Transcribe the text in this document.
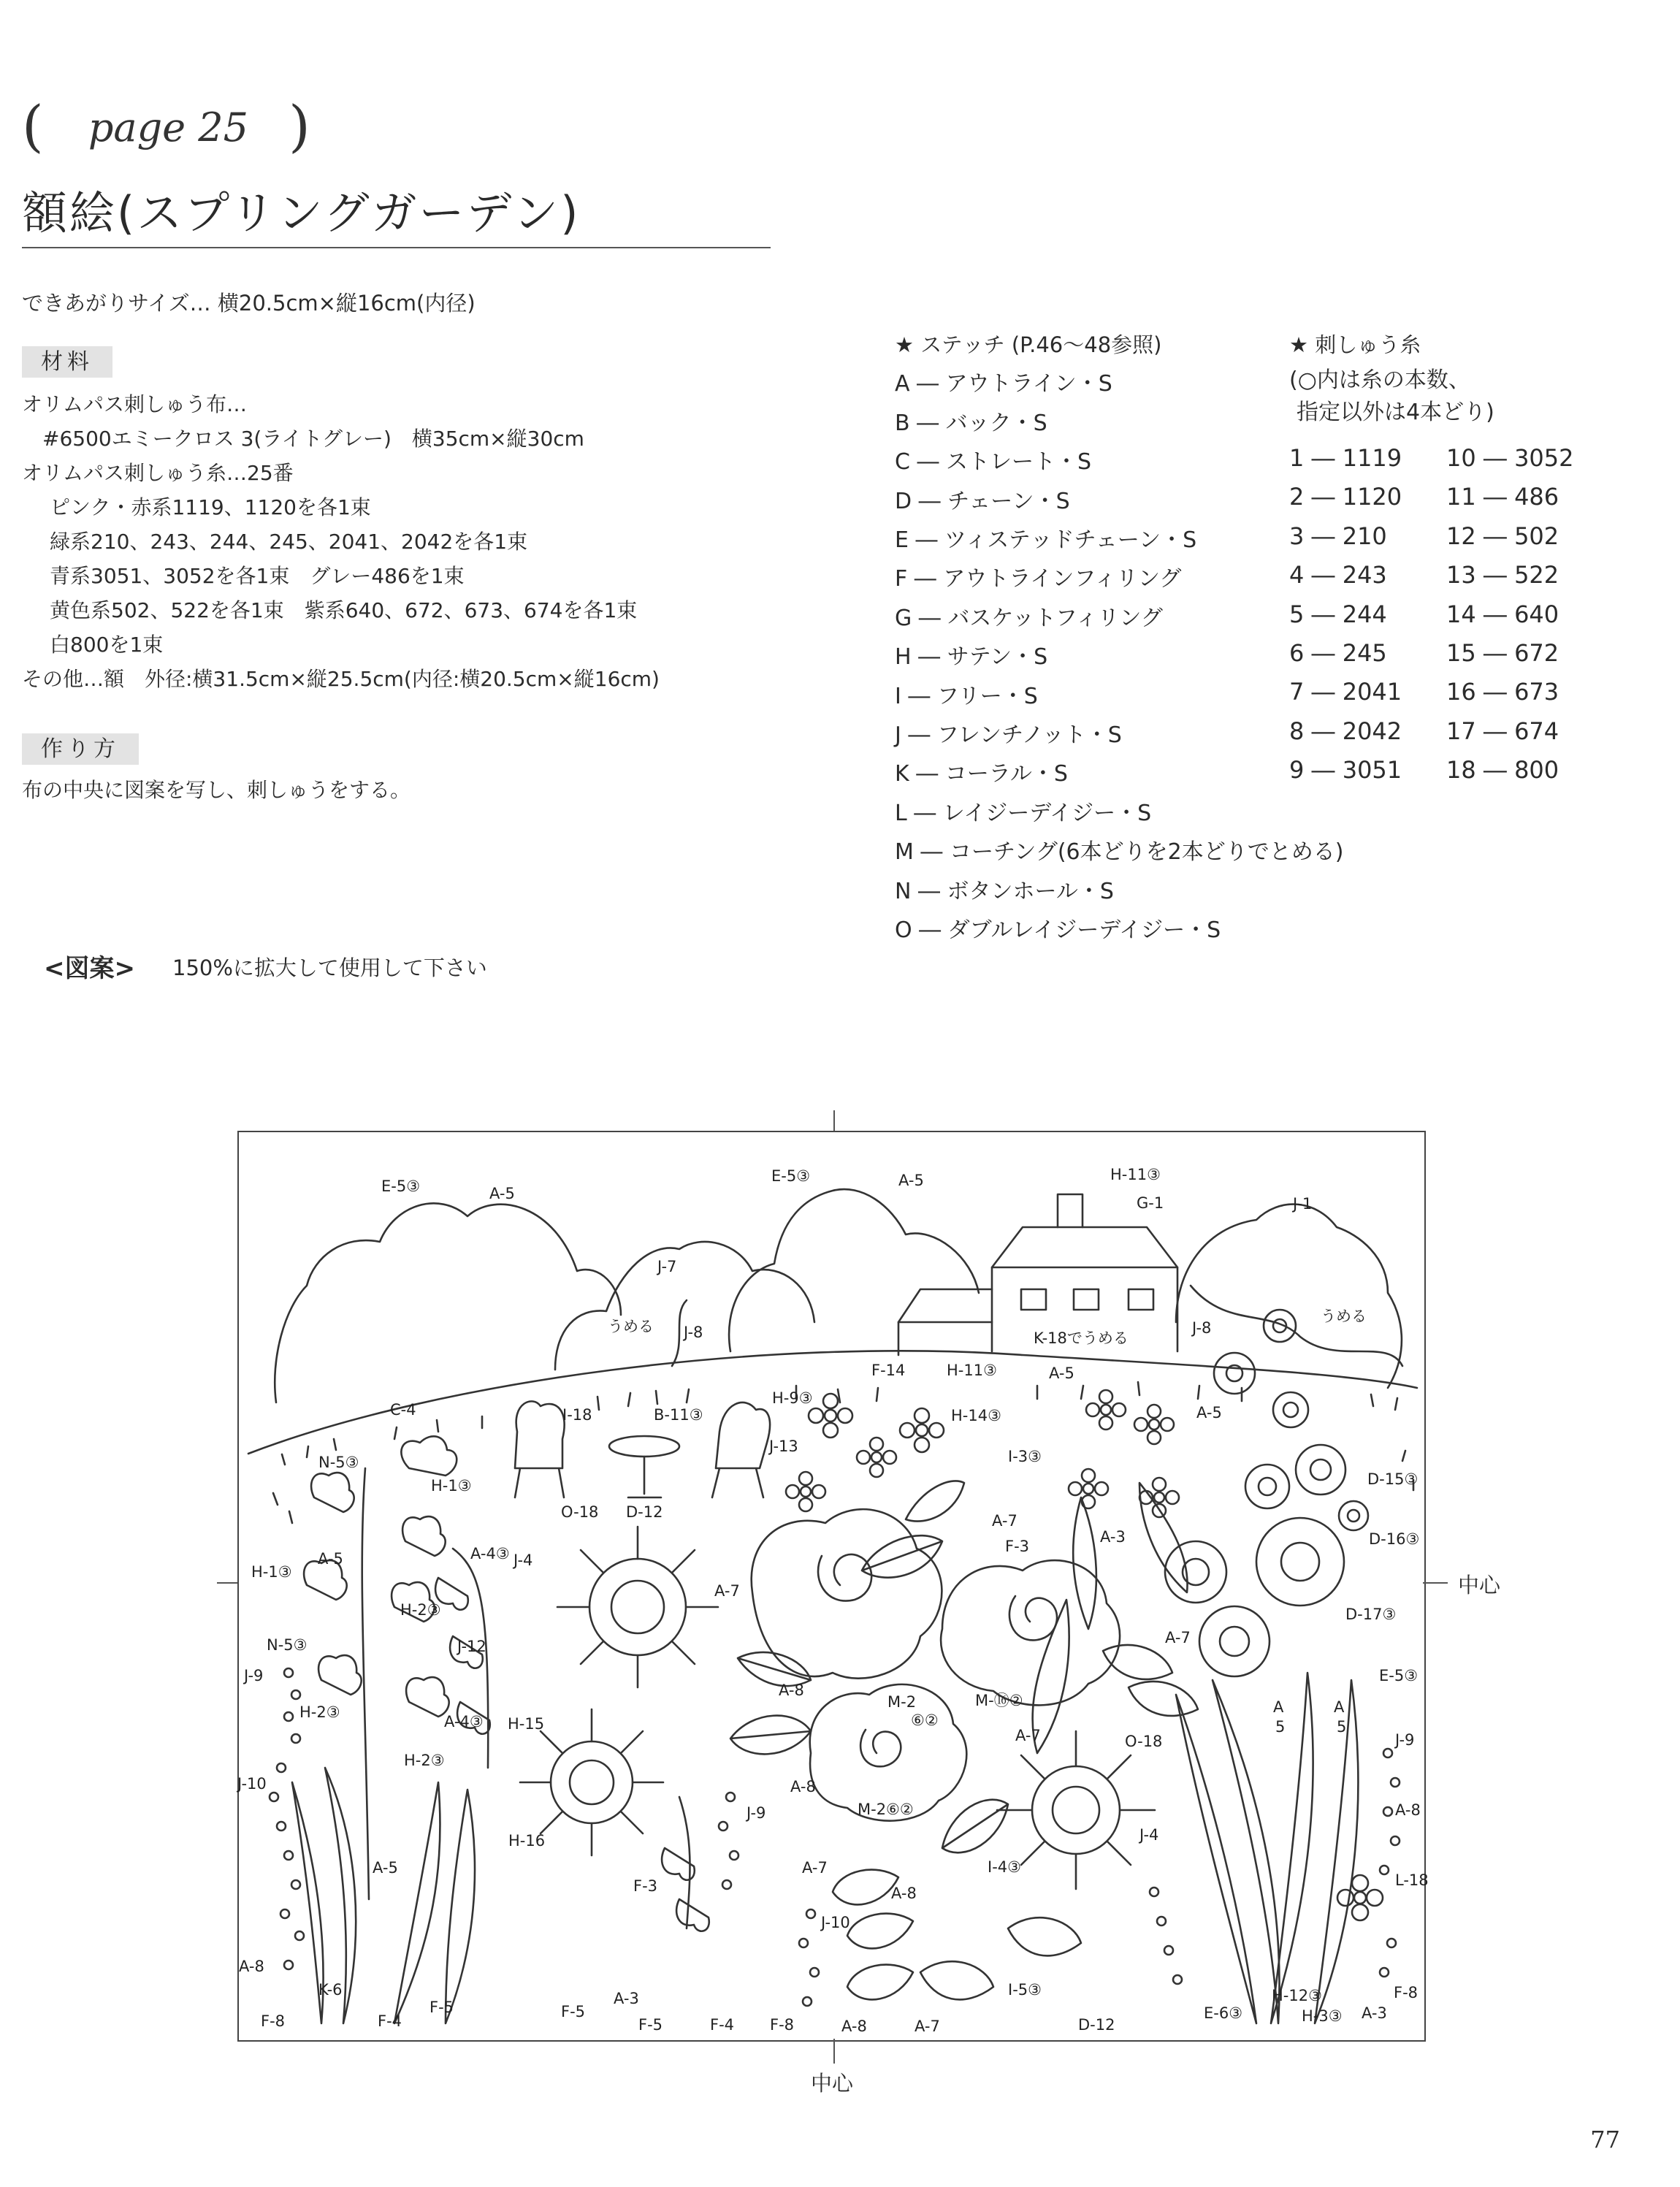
( page 25 )
額絵(スプリングガーデン)
できあがりサイズ… 横20.5cm×縦16cm(内径)
材料
オリムパス刺しゅう布…
#6500エミークロス 3(ライトグレー)　横35cm×縦30cm
オリムパス刺しゅう糸…25番
ピンク・赤系1119、1120を各1束
緑系210、243、244、245、2041、2042を各1束
青系3051、3052を各1束　グレー486を1束
黄色系502、522を各1束　紫系640、672、673、674を各1束
白800を1束
その他…額　外径:横31.5cm×縦25.5cm(内径:横20.5cm×縦16cm)
作り方
布の中央に図案を写し、刺しゅうをする。
★ ステッチ (P.46〜48参照)
A ― アウトライン・S
B ― バック・S
C ― ストレート・S
D ― チェーン・S
E ― ツィステッドチェーン・S
F ― アウトラインフィリング
G ― バスケットフィリング
H ― サテン・S
I ― フリー・S
J ― フレンチノット・S
K ― コーラル・S
L ― レイジーデイジー・S
M ― コーチング(6本どりを2本どりでとめる)
N ― ボタンホール・S
O ― ダブルレイジーデイジー・S
★ 刺しゅう糸
(○内は糸の本数、
指定以外は4本どり)
1 ― 1119	10 ― 3052
2 ― 1120	11 ― 486
3 ― 210	12 ― 502
4 ― 243	13 ― 522
5 ― 244	14 ― 640
6 ― 245	15 ― 672
7 ― 2041	16 ― 673
8 ― 2042	17 ― 674
9 ― 3051	18 ― 800
<図案> 150%に拡大して使用して下さい
中心
中心
E-5③	A-5
E-5③	A-5	H-11③
G-1	J-1
J-7
うめる J-8	K-18でうめる
J-8
うめる
F-14	H-11③	A-5
C-4	I-18	B-11③
H-9③
H-14③	A-5
J-13
I-3③
D-15③
N-5③
H-1③
O-18 D-12	A-7
F-3
A-3	D-16③
H-1③
A-5	A-4③ J-4
A-7
H-2③
J-12	A-7
D-17③
N-5③
J-9
A-8
M-2
⑥②
M-⑯②
E-5③
H-2③
A-4③ H-15
A-7	O-18
A
5
A
5
J-9
H-2③
J-10	A-8
A-8
J-9	M-2⑥②
H-16
A-5
F-3
A-7
A-8
I-4③
J-4
L-18
J-10
A-8
K-6
F-5	A-3	I-5③	H-12③	F-8
F-8	F-4
F-5
F-5	F-4 F-8	A-8	A-7	D-12
E-6③	H-3③ A-3
77
